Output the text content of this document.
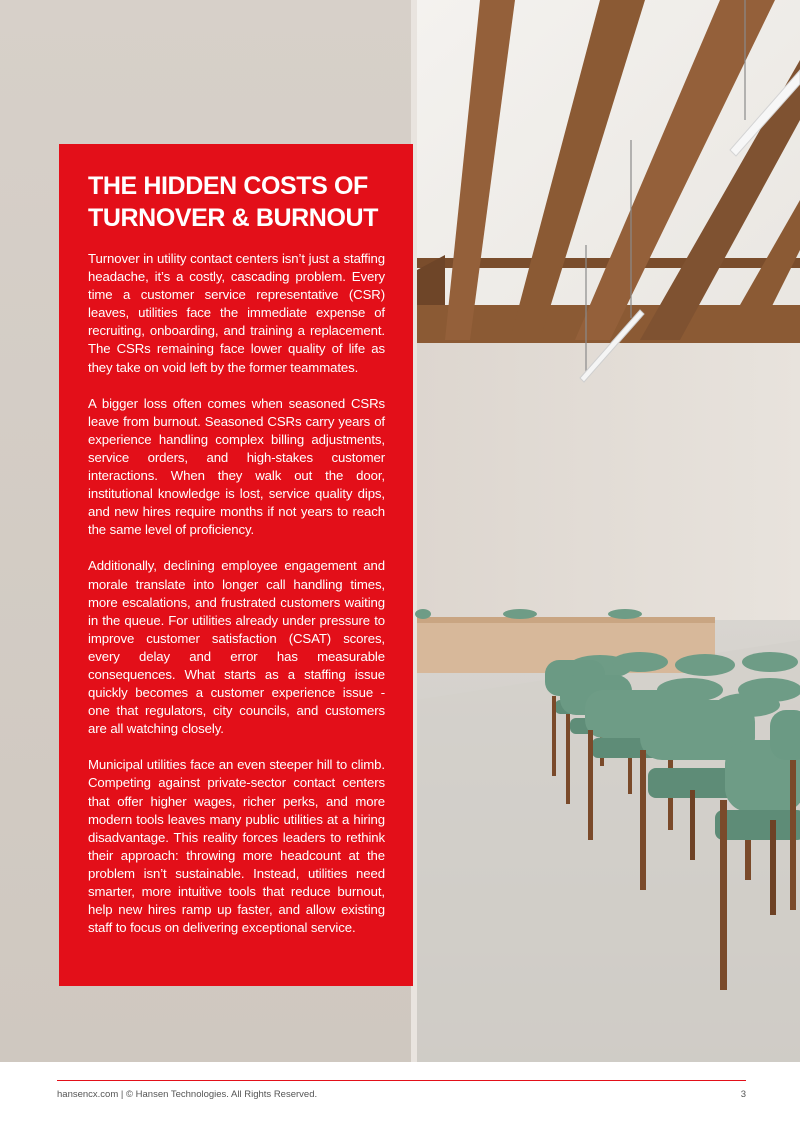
THE HIDDEN COSTS OF
TURNOVER & BURNOUT

Turnover in utility contact centers isn’t just a staffing headache, it’s a costly, cascading problem. Every time a customer service representative (CSR) leaves, utilities face the immediate expense of recruiting, onboarding, and training a replacement. The CSRs remaining face lower quality of life as they take on void left by the former teammates.

A bigger loss often comes when seasoned CSRs leave from burnout. Seasoned CSRs carry years of experience handling complex billing adjustments, service orders, and high-stakes customer interactions. When they walk out the door, institutional knowledge is lost, service quality dips, and new hires require months if not years to reach the same level of proficiency.

Additionally, declining employee engagement and morale translate into longer call handling times, more escalations, and frustrated customers waiting in the queue. For utilities already under pressure to improve customer satisfaction (CSAT) scores, every delay and error has measurable consequences. What starts as a staffing issue quickly becomes a customer experience issue - one that regulators, city councils, and customers are all watching closely.

Municipal utilities face an even steeper hill to climb. Competing against private-sector contact centers that offer higher wages, richer perks, and more modern tools leaves many public utilities at a hiring disadvantage. This reality forces leaders to rethink their approach: throwing more headcount at the problem isn’t sustainable. Instead, utilities need smarter, more intuitive tools that reduce burnout, help new hires ramp up faster, and allow existing staff to focus on delivering exceptional service.

hansencx.com | © Hansen Technologies. All Rights Reserved.	3
